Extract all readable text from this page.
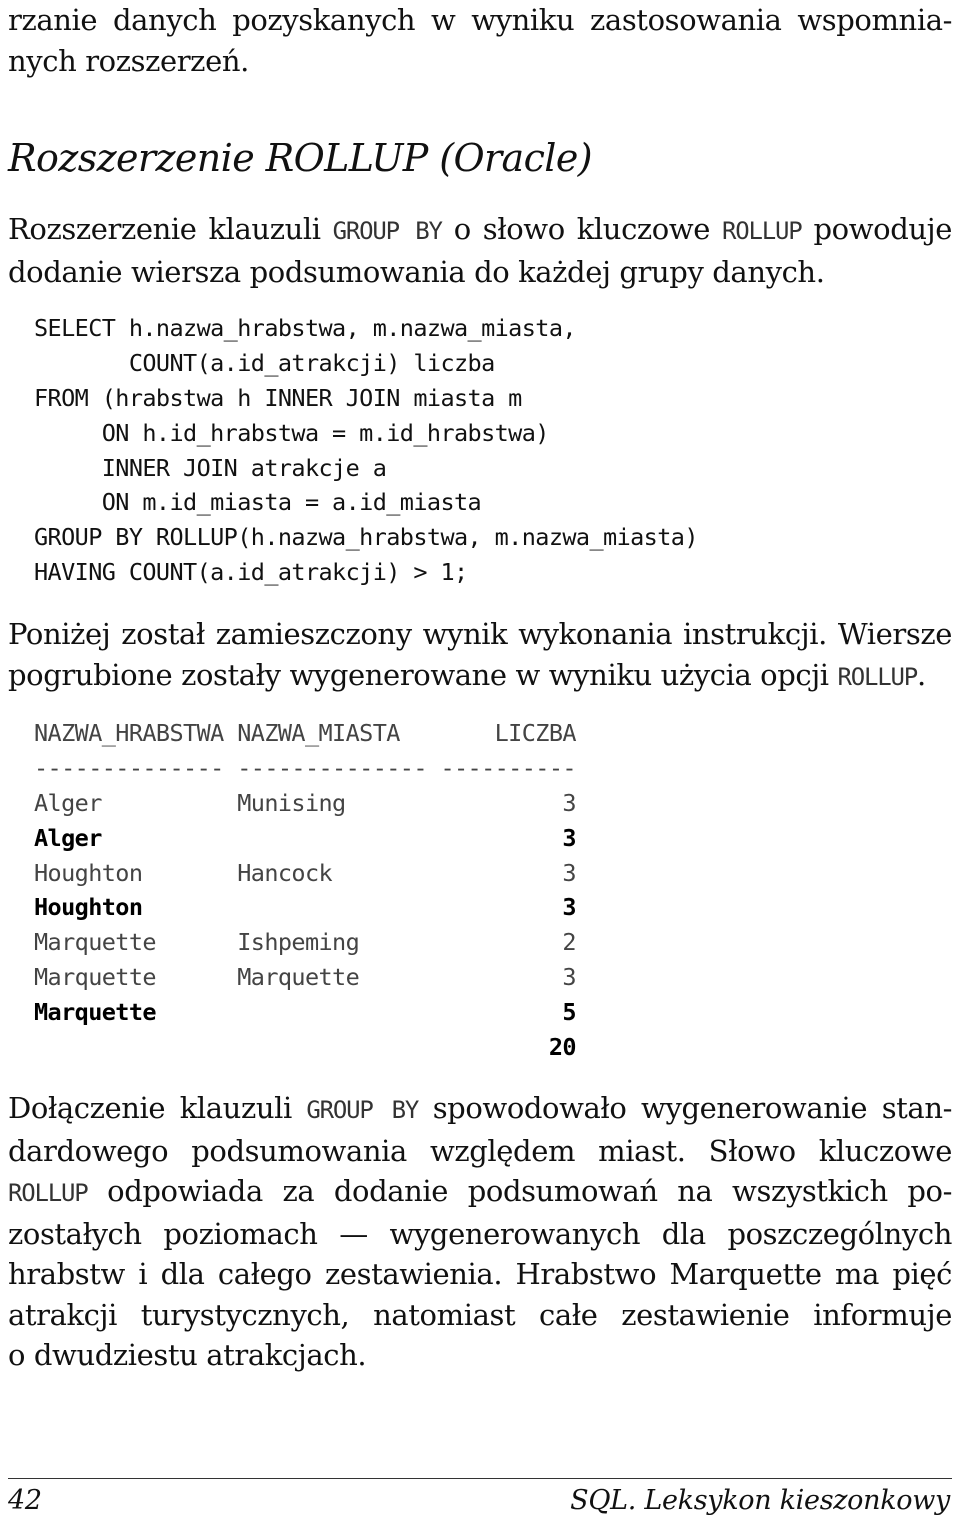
rzanie danych pozyskanych w wyniku zastosowania wspomnia-
nych rozszerzeń.

Rozszerzenie ROLLUP (Oracle)

Rozszerzenie klauzuli GROUP BY o słowo kluczowe ROLLUP powoduje
dodanie wiersza podsumowania do każdej grupy danych.

SELECT h.nazwa_hrabstwa, m.nazwa_miasta,
COUNT(a.id_atrakcji) liczba
FROM (hrabstwa h INNER JOIN miasta m
ON h.id_hrabstwa = m.id_hrabstwa)
INNER JOIN atrakcje a
ON m.id_miasta = a.id_miasta
GROUP BY ROLLUP(h.nazwa_hrabstwa, m.nazwa_miasta)
HAVING COUNT(a.id_atrakcji) > 1;

Poniżej został zamieszczony wynik wykonania instrukcji. Wiersze
pogrubione zostały wygenerowane w wyniku użycia opcji ROLLUP.

NAZWA_HRABSTWA NAZWA_MIASTA       LICZBA
-------------- -------------- ----------
Alger          Munising                3
Alger                                  3
Houghton       Hancock                 3
Houghton                               3
Marquette      Ishpeming               2
Marquette      Marquette               3
Marquette                              5
20

Dołączenie klauzuli GROUP BY spowodowało wygenerowanie stan-
dardowego podsumowania względem miast. Słowo kluczowe
ROLLUP odpowiada za dodanie podsumowań na wszystkich po-
zostałych poziomach — wygenerowanych dla poszczególnych
hrabstw i dla całego zestawienia. Hrabstwo Marquette ma pięć
atrakcji turystycznych, natomiast całe zestawienie informuje
o dwudziestu atrakcjach.

42	SQL. Leksykon kieszonkowy
